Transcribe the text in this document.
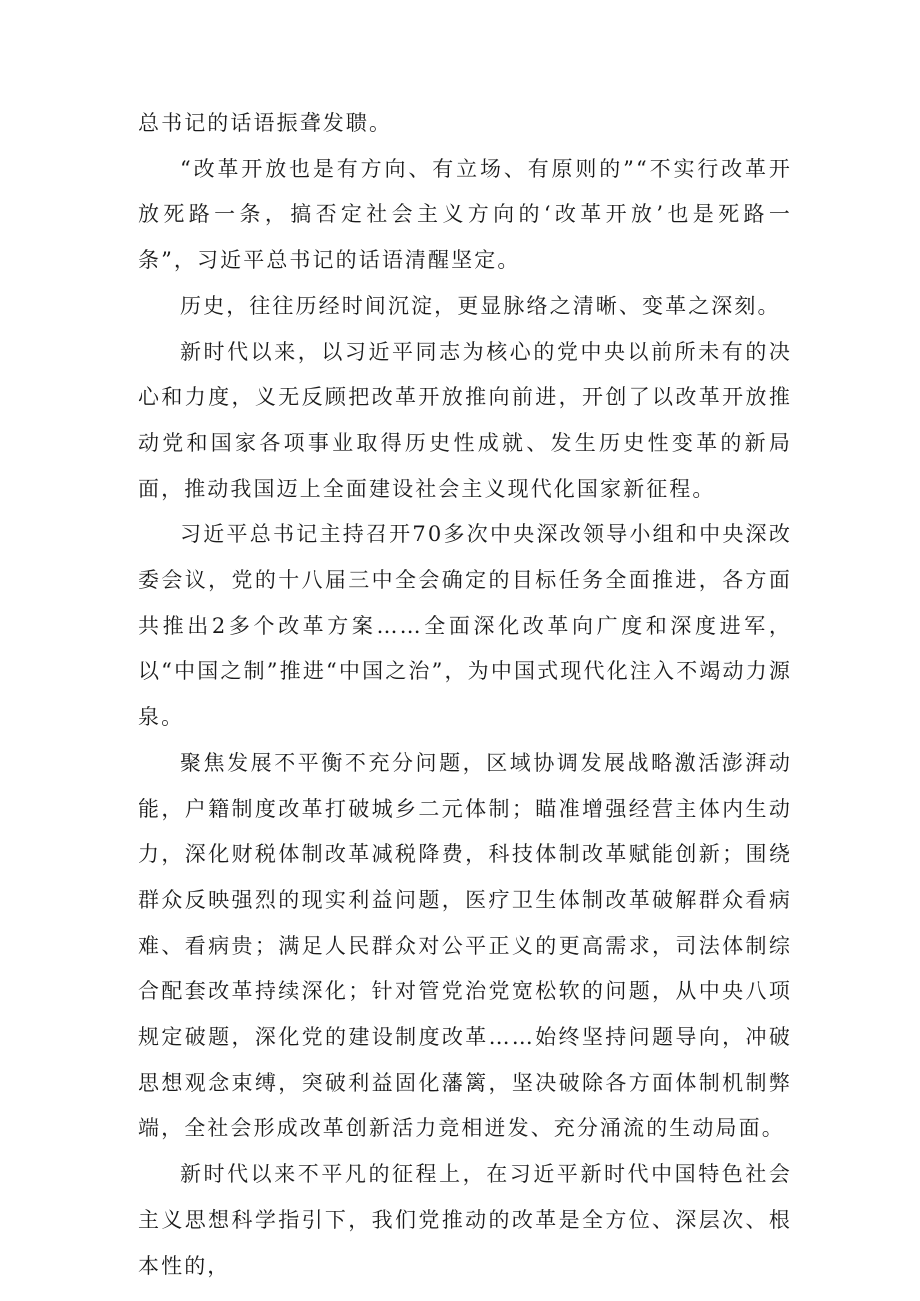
总书记的话语振聋发聩。

“改革开放也是有方向、有立场、有原则的”“不实行改革开放死路一条，搞否定社会主义方向的‘改革开放’也是死路一条”，习近平总书记的话语清醒坚定。

历史，往往历经时间沉淀，更显脉络之清晰、变革之深刻。

新时代以来，以习近平同志为核心的党中央以前所未有的决心和力度，义无反顾把改革开放推向前进，开创了以改革开放推动党和国家各项事业取得历史性成就、发生历史性变革的新局面，推动我国迈上全面建设社会主义现代化国家新征程。

习近平总书记主持召开70多次中央深改领导小组和中央深改委会议，党的十八届三中全会确定的目标任务全面推进，各方面共推出2多个改革方案……全面深化改革向广度和深度进军，以“中国之制”推进“中国之治”，为中国式现代化注入不竭动力源泉。

聚焦发展不平衡不充分问题，区域协调发展战略激活澎湃动能，户籍制度改革打破城乡二元体制；瞄准增强经营主体内生动力，深化财税体制改革减税降费，科技体制改革赋能创新；围绕群众反映强烈的现实利益问题，医疗卫生体制改革破解群众看病难、看病贵；满足人民群众对公平正义的更高需求，司法体制综合配套改革持续深化；针对管党治党宽松软的问题，从中央八项规定破题，深化党的建设制度改革……始终坚持问题导向，冲破思想观念束缚，突破利益固化藩篱，坚决破除各方面体制机制弊端，全社会形成改革创新活力竞相迸发、充分涌流的生动局面。

新时代以来不平凡的征程上，在习近平新时代中国特色社会主义思想科学指引下，我们党推动的改革是全方位、深层次、根本性的，
